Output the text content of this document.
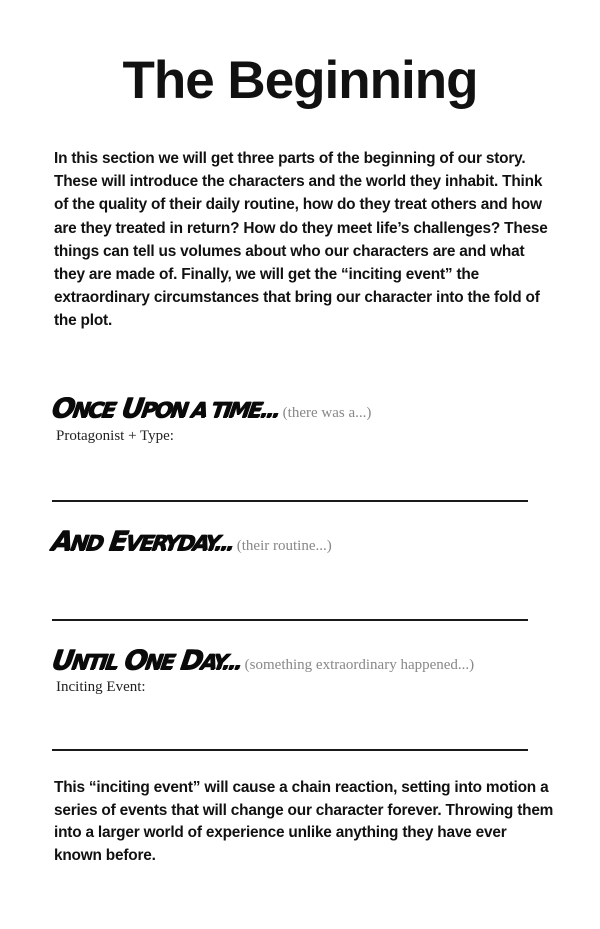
The Beginning

In this section we will get three parts of the beginning of our story. These will introduce the characters and the world they inhabit. Think of the quality of their daily routine, how do they treat others and how are they treated in return? How do they meet life’s challenges? These things can tell us volumes about who our characters are and what they are made of. Finally, we will get the “inciting event” the extraordinary circumstances that bring our character into the fold of the plot.

ONCE UPON A TIME... (there was a...)
Protagonist + Type:
AND EVERYDAY... (their routine...)
UNTIL ONE DAY... (something extraordinary happened...)
Inciting Event:

This “inciting event” will cause a chain reaction, setting into motion a series of events that will change our character forever. Throwing them into a larger world of experience unlike anything they have ever known before.
